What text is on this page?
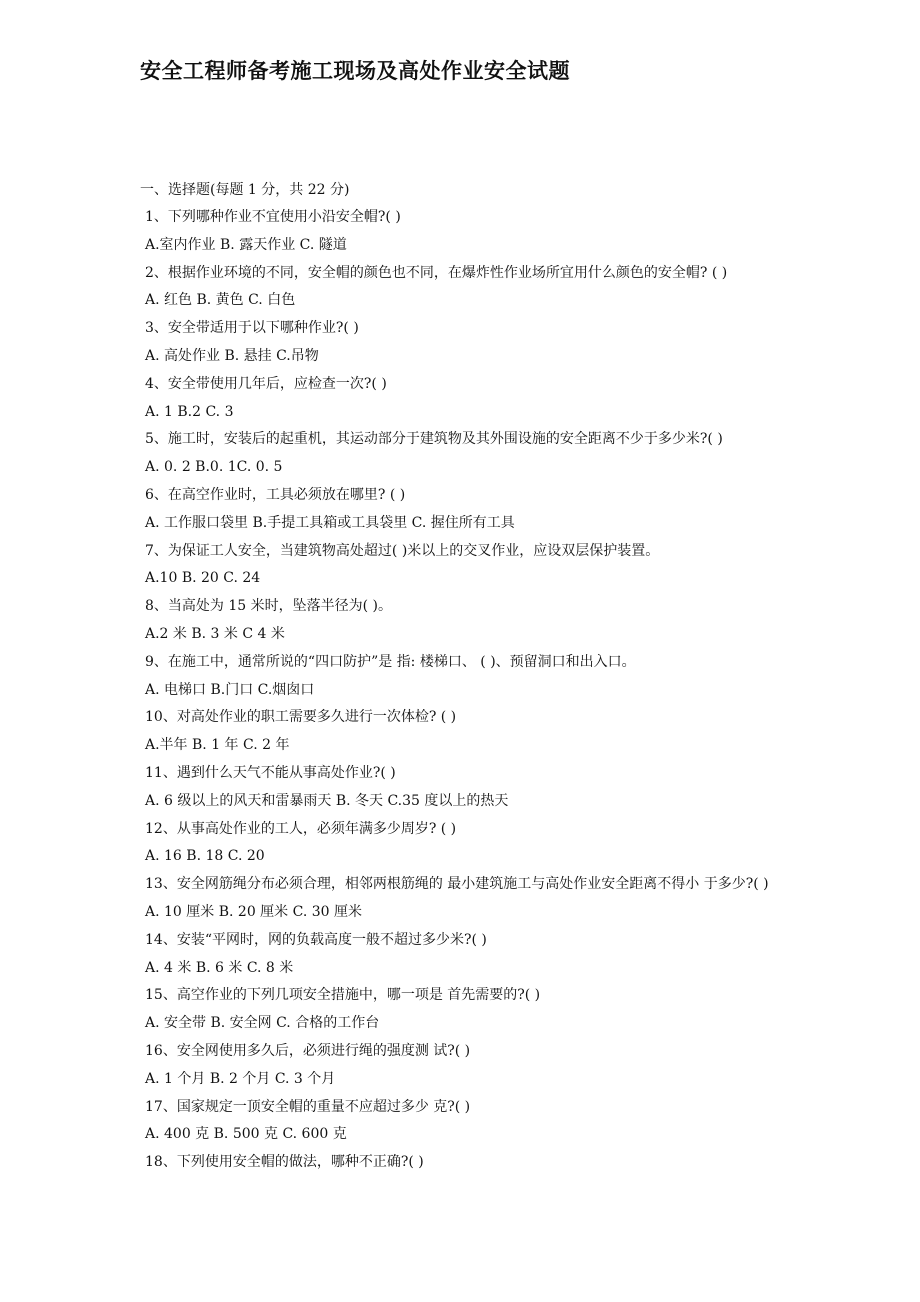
安全工程师备考施工现场及高处作业安全试题
一、选择题(每题 1 分，共 22 分)
1、下列哪种作业不宜使用小沿安全帽?( )
A.室内作业 B. 露天作业 C. 隧道
2、根据作业环境的不同，安全帽的颜色也不同，在爆炸性作业场所宜用什么颜色的安全帽? ( )
A. 红色 B. 黄色 C. 白色
3、安全带适用于以下哪种作业?( )
A. 高处作业 B. 悬挂 C.吊物
4、安全带使用几年后，应检查一次?( )
A. 1 B.2 C. 3
5、施工时，安装后的起重机，其运动部分于建筑物及其外围设施的安全距离不少于多少米?( )
A. 0. 2 B.0. 1C. 0. 5
6、在高空作业时，工具必须放在哪里? ( )
A. 工作服口袋里 B.手提工具箱或工具袋里 C. 握住所有工具
7、为保证工人安全，当建筑物高处超过( )米以上的交叉作业，应设双层保护装置。
A.10 B. 20 C. 24
8、当高处为 15 米时，坠落半径为( )。
A.2 米 B. 3 米 C 4 米
9、在施工中，通常所说的“四口防护”是 指: 楼梯口、 ( )、预留洞口和出入口。
A. 电梯口 B.门口 C.烟囱口
10、对高处作业的职工需要多久进行一次体检? ( )
A.半年 B. 1 年 C. 2 年
11、遇到什么天气不能从事高处作业?( )
A. 6 级以上的风天和雷暴雨天 B. 冬天 C.35 度以上的热天
12、从事高处作业的工人，必须年满多少周岁? ( )
A. 16 B. 18 C. 20
13、安全网筋绳分布必须合理，相邻两根筋绳的 最小建筑施工与高处作业安全距离不得小 于多少?( )
A. 10 厘米 B. 20 厘米 C. 30 厘米
14、安装“平网时，网的负载高度一般不超过多少米?( )
A. 4 米 B. 6 米 C. 8 米
15、高空作业的下列几项安全措施中，哪一项是 首先需要的?( )
A. 安全带 B. 安全网 C. 合格的工作台
16、安全网使用多久后，必须进行绳的强度测 试?( )
A. 1 个月 B. 2 个月 C. 3 个月
17、国家规定一顶安全帽的重量不应超过多少 克?( )
A. 400 克 B. 500 克 C. 600 克
18、下列使用安全帽的做法，哪种不正确?( )
